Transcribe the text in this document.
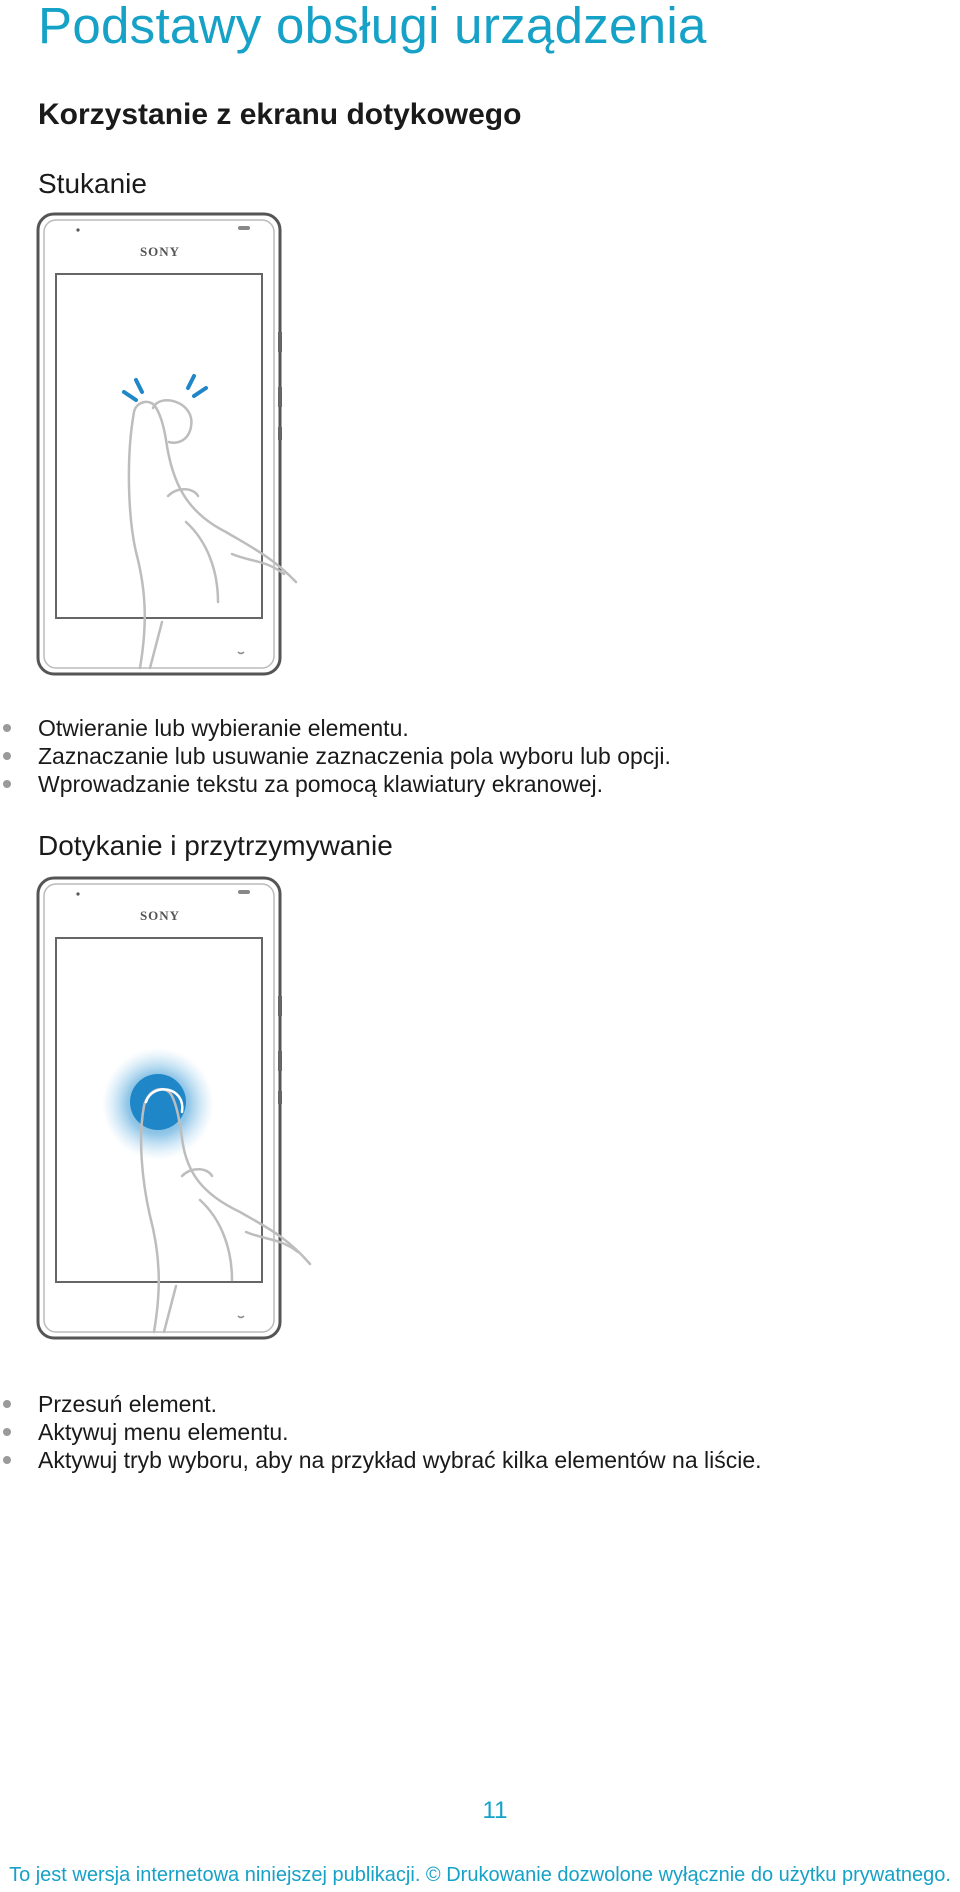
Podstawy obsługi urządzenia
Korzystanie z ekranu dotykowego
Stukanie
SONY
Otwieranie lub wybieranie elementu.
Zaznaczanie lub usuwanie zaznaczenia pola wyboru lub opcji.
Wprowadzanie tekstu za pomocą klawiatury ekranowej.
Dotykanie i przytrzymywanie
SONY
Przesuń element.
Aktywuj menu elementu.
Aktywuj tryb wyboru, aby na przykład wybrać kilka elementów na liście.
11
To jest wersja internetowa niniejszej publikacji. © Drukowanie dozwolone wyłącznie do użytku prywatnego.
